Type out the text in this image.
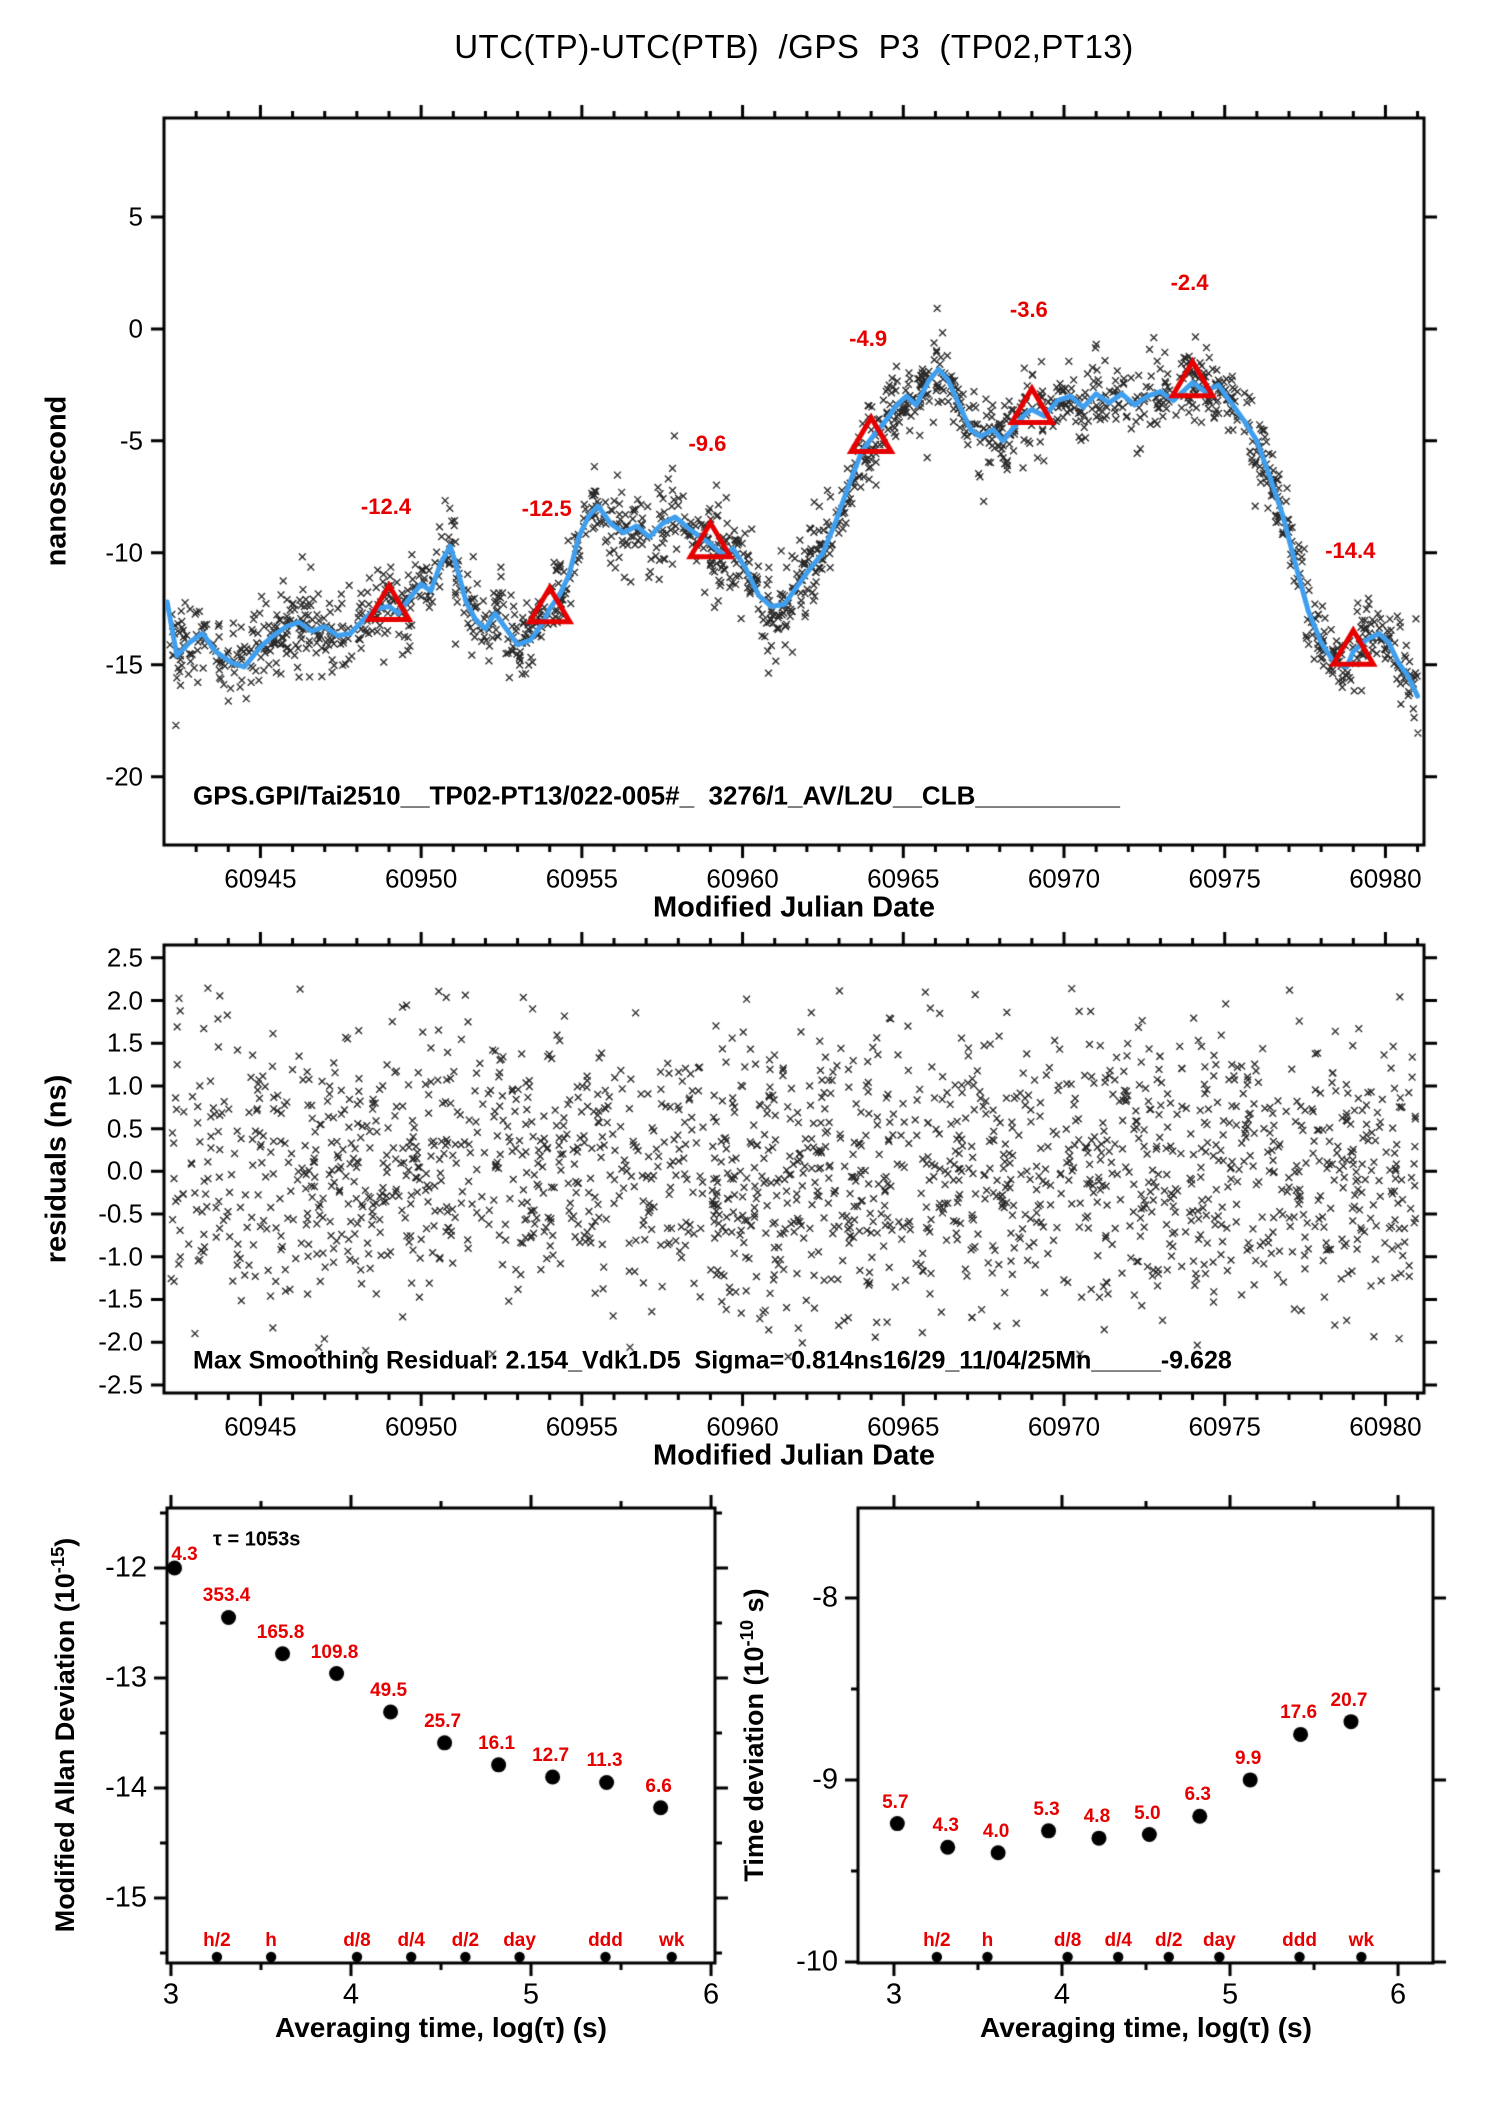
UTC(TP)-UTC(PTB)  /GPS  P3  (TP02,PT13)
nanosecond
Modified Julian Date
GPS.GPI/Tai2510__TP02-PT13/022-005#_  3276/1_AV/L2U__CLB__________
residuals (ns)
Modified Julian Date
Max Smoothing Residual: 2.154_Vdk1.D5  Sigma= 0.814ns16/29_11/04/25Mn_____-9.628
Modified Allan Deviation $(10^{-15})$
Averaging time, log(τ) (s)
τ = 1053s
Time deviation ($10^{-10}$ s)
Averaging time, log(τ) (s)
60945	60950	60955	60960	60965	60970	60975	60980
5
0
-5
-10
-15
-20
-12.4	-12.5
-9.6
-4.9
-3.6
-2.4
-14.4
60945	60950	60955	60960	60965	60970	60975	60980
2.5
2.0
1.5
1.0
0.5
0.0
-0.5
-1.0
-1.5
-2.0
-2.5
3	4	5	6
-12
-13
-14
-15
h/2 h	d/8 d/4 d/2 day	ddd wk
4.3
353.4
165.8
109.8
49.5
25.7
16.1
12.7 11.3
6.6
3	4	5	6
-8
-9
-10
h/2 h	d/8 d/4 d/2 day ddd wk
5.7
4.3 4.0
5.3 4.8 5.0
6.3
9.9
17.6
20.7
